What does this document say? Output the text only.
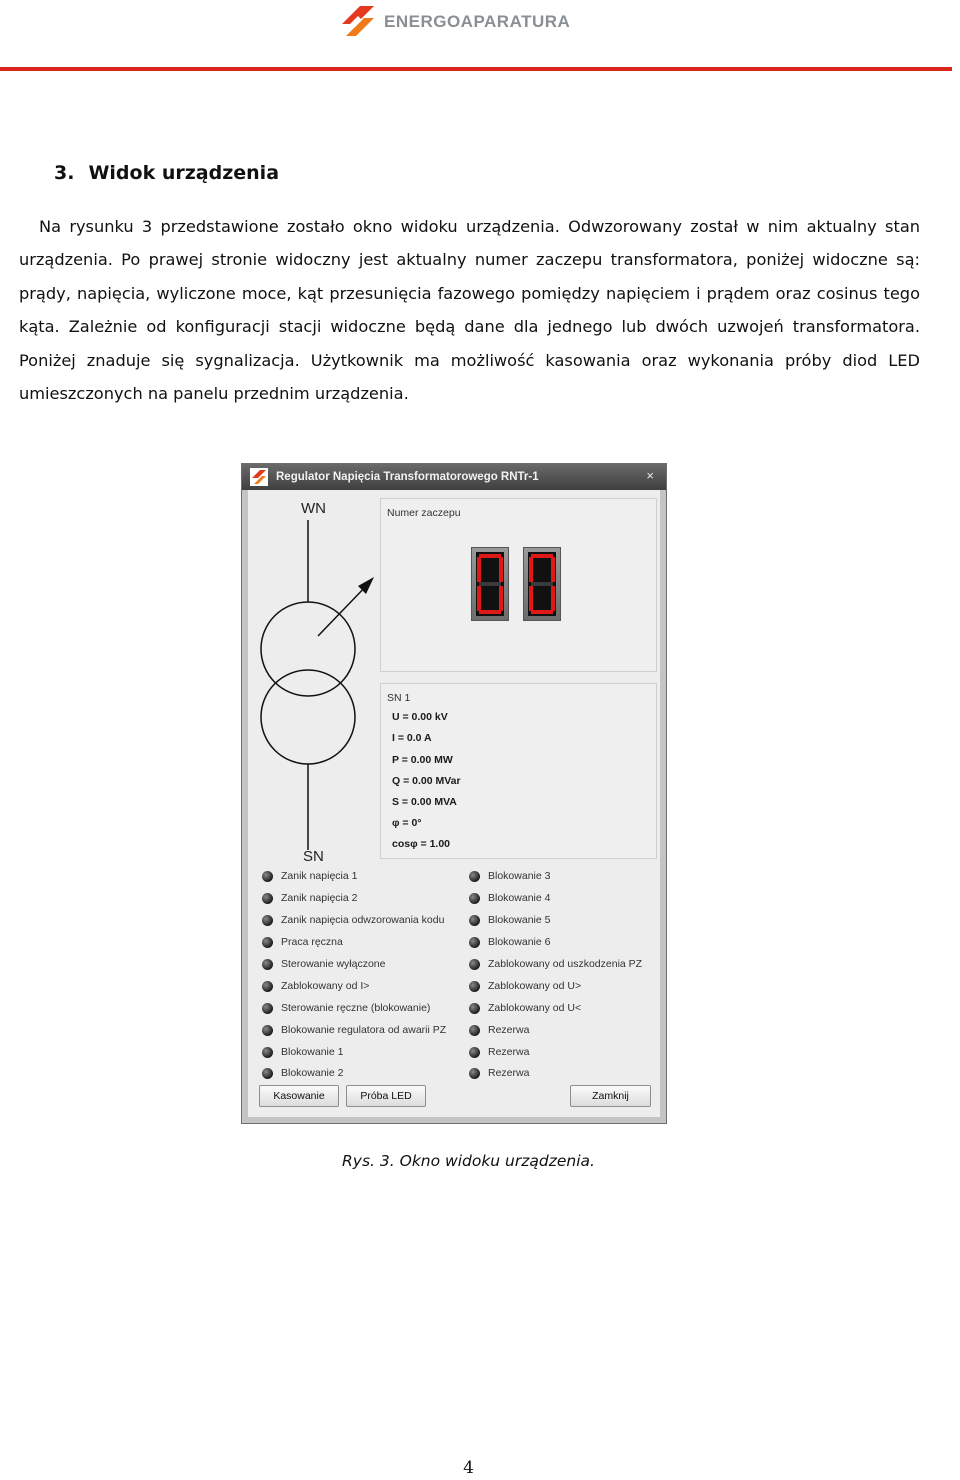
ENERGOAPARATURA
3. Widok urządzenia

Na rysunku 3 przedstawione zostało okno widoku urządzenia. Odwzorowany został w nim aktualny stan urządzenia. Po prawej stronie widoczny jest aktualny numer zaczepu transformatora, poniżej widoczne są: prądy, napięcia, wyliczone moce, kąt przesunięcia fazowego pomiędzy napięciem i prądem oraz cosinus tego kąta. Zależnie od konfiguracji stacji widoczne będą dane dla jednego lub dwóch uzwojeń transformatora. Poniżej znaduje się sygnalizacja. Użytkownik ma możliwość kasowania oraz wykonania próby diod LED umieszczonych na panelu przednim urządzenia.

Regulator Napięcia Transformatorowego RNTr-1	×
WN
SN
Numer zaczepu
SN 1
U = 0.00 kV
I = 0.0 A
P = 0.00 MW
Q = 0.00 MVar
S = 0.00 MVA
φ = 0°
cosφ = 1.00
Zanik napięcia 1
Zanik napięcia 2
Zanik napięcia odwzorowania kodu
Praca ręczna
Sterowanie wyłączone
Zablokowany od I>
Sterowanie ręczne (blokowanie)
Blokowanie regulatora od awarii PZ
Blokowanie 1
Blokowanie 2
Blokowanie 3
Blokowanie 4
Blokowanie 5
Blokowanie 6
Zablokowany od uszkodzenia PZ
Zablokowany od U>
Zablokowany od U<
Rezerwa
Rezerwa
Rezerwa
Kasowanie	Próba LED	Zamknij
Rys. 3. Okno widoku urządzenia.
4
